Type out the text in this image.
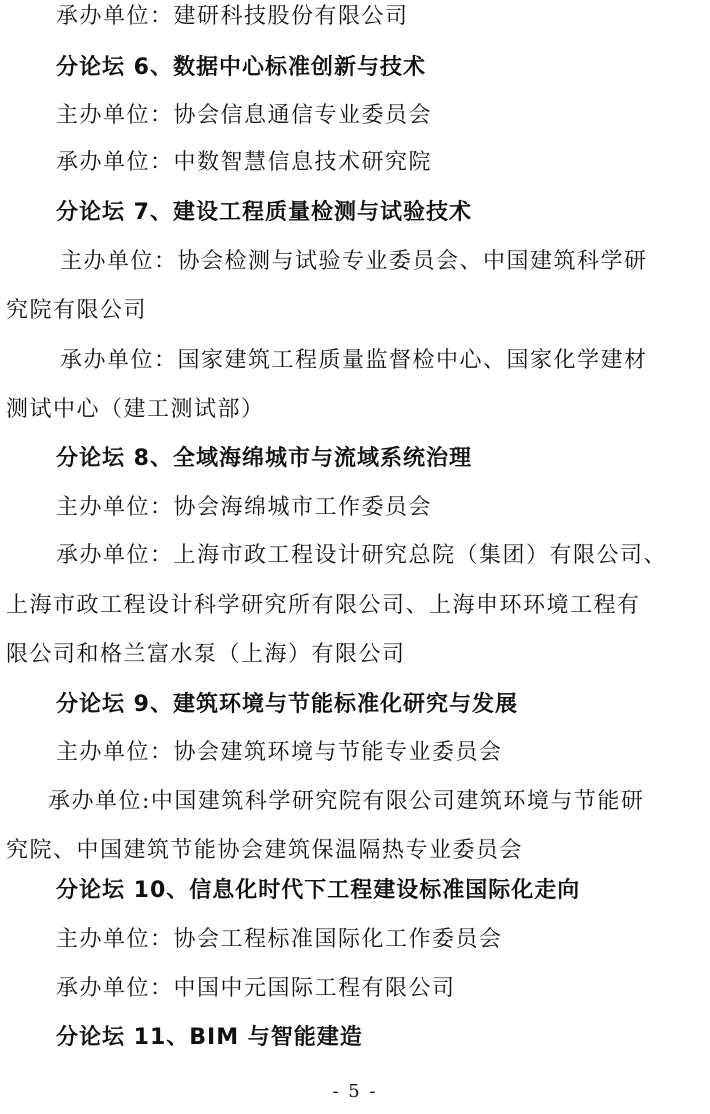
承办单位：建研科技股份有限公司
分论坛 6、数据中心标准创新与技术
主办单位：协会信息通信专业委员会
承办单位：中数智慧信息技术研究院
分论坛 7、建设工程质量检测与试验技术
主办单位：协会检测与试验专业委员会、中国建筑科学研
究院有限公司
承办单位：国家建筑工程质量监督检中心、国家化学建材
测试中心（建工测试部）
分论坛 8、全域海绵城市与流域系统治理
主办单位：协会海绵城市工作委员会
承办单位：上海市政工程设计研究总院（集团）有限公司、
上海市政工程设计科学研究所有限公司、上海申环环境工程有
限公司和格兰富水泵（上海）有限公司
分论坛 9、建筑环境与节能标准化研究与发展
主办单位：协会建筑环境与节能专业委员会
承办单位:中国建筑科学研究院有限公司建筑环境与节能研
究院、中国建筑节能协会建筑保温隔热专业委员会
分论坛 10、信息化时代下工程建设标准国际化走向
主办单位：协会工程标准国际化工作委员会
承办单位：中国中元国际工程有限公司
分论坛 11、BIM 与智能建造
- 5 -
